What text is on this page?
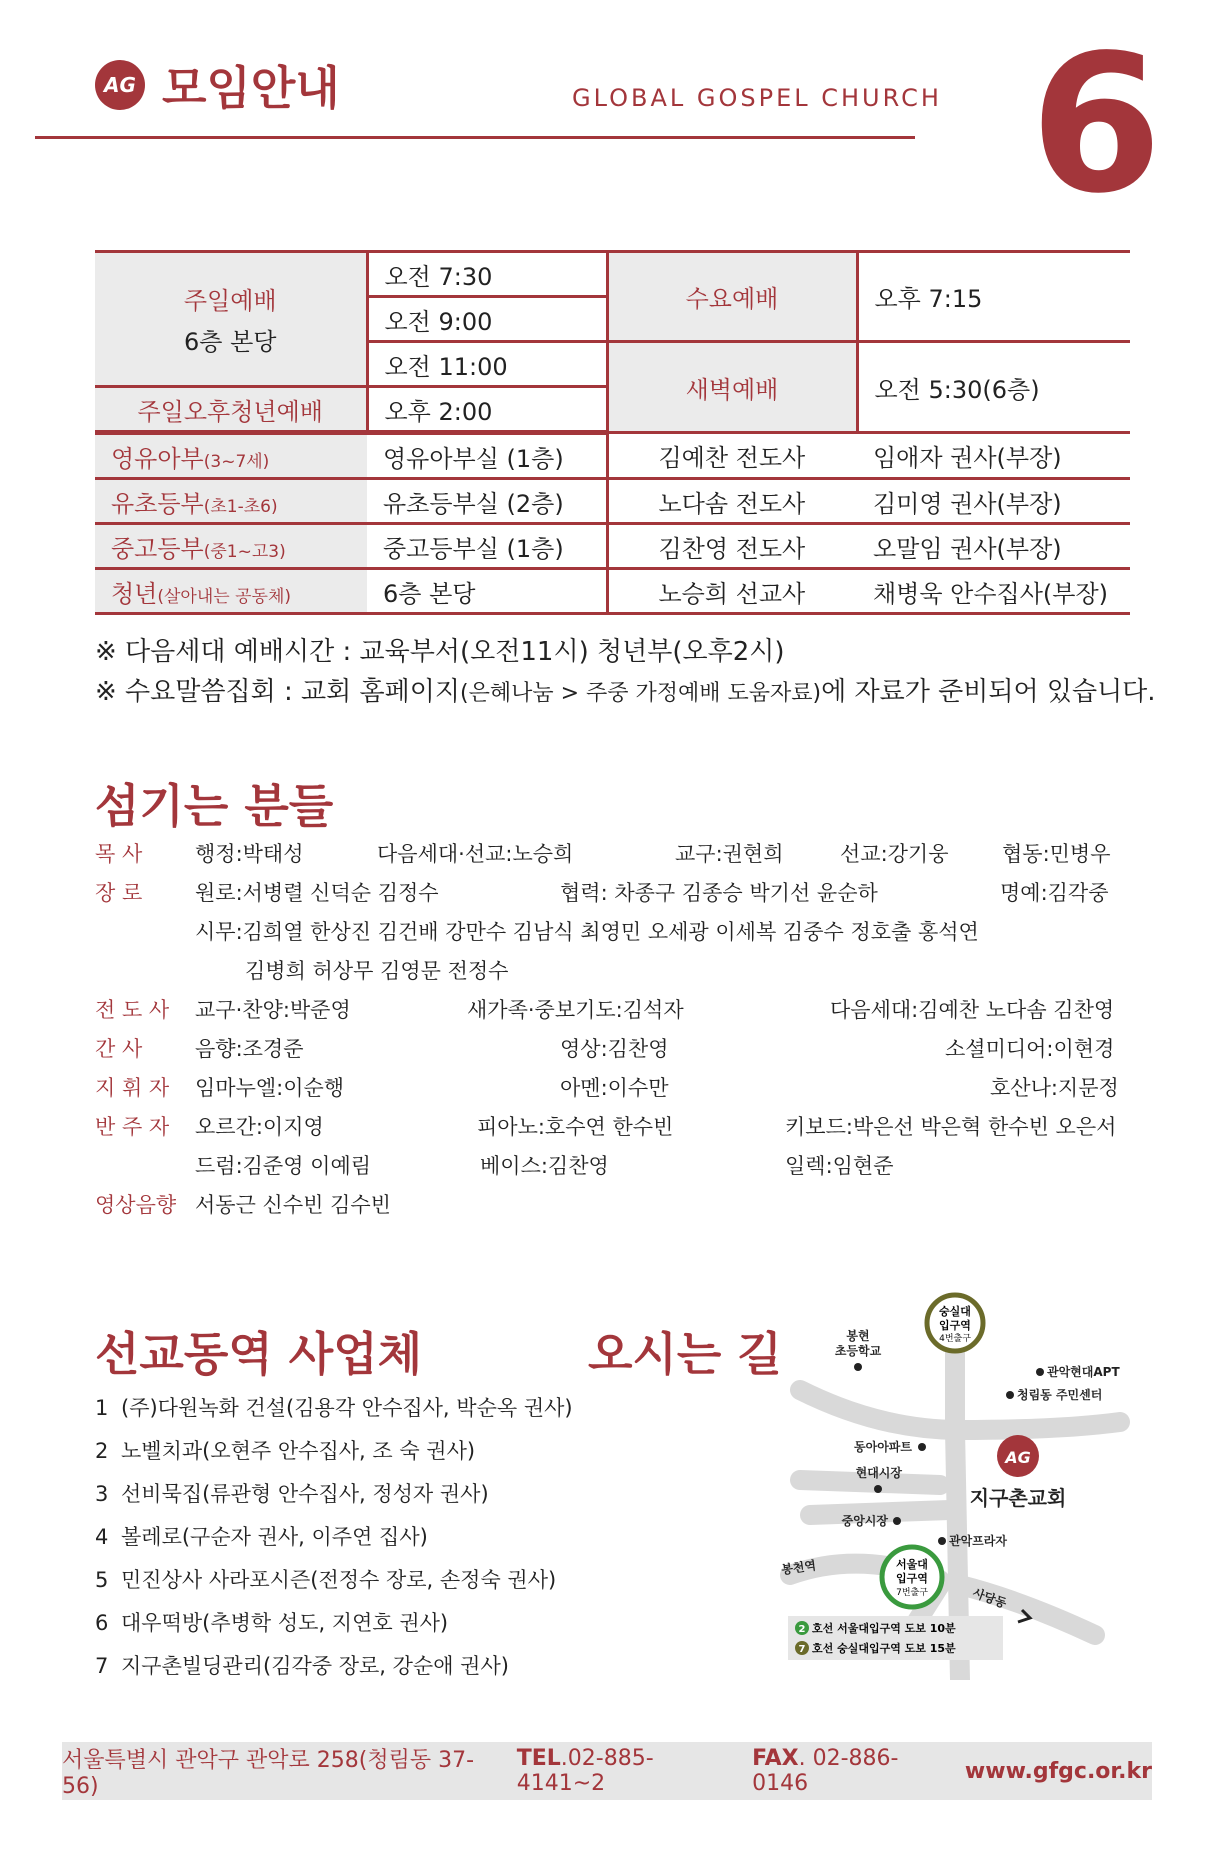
AG 모임안내	GLOBAL GOSPEL CHURCH 6
주일예배
6층 본당	오전 7:30	수요예배	오후 7:15
	오전 9:00		
	오전 11:00	새벽예배	오전 5:30(6층)
주일오후청년예배	오후 2:00		
영유아부(3~7세)	영유아부실 (1층)	김예찬 전도사	임애자 권사(부장)
유초등부(초1-초6)	유초등부실 (2층)	노다솜 전도사	김미영 권사(부장)
중고등부(중1~고3)	중고등부실 (1층)	김찬영 전도사	오말임 권사(부장)
청년(살아내는 공동체)	6층 본당	노승희 선교사	채병욱 안수집사(부장)
※ 다음세대 예배시간 : 교육부서(오전11시) 청년부(오후2시)
※ 수요말씀집회 : 교회 홈페이지(은혜나눔 > 주중 가정예배 도움자료)에 자료가 준비되어 있습니다.
섬기는 분들
목 사	행정:박태성	다음세대·선교:노승희	교구:권현희	선교:강기웅	협동:민병우
장 로	원로:서병렬 신덕순 김정수	협력: 차종구 김종승 박기선 윤순하	명예:김각중
시무:김희열 한상진 김건배 강만수 김남식 최영민 오세광 이세복 김중수 정호출 홍석연
김병희 허상무 김영문 전정수
전 도 사	교구·찬양:박준영	새가족·중보기도:김석자	다음세대:김예찬 노다솜 김찬영
간 사	음향:조경준	영상:김찬영	소셜미디어:이현경
지 휘 자	임마누엘:이순행	아멘:이수만	호산나:지문정
반 주 자	오르간:이지영	피아노:호수연 한수빈	키보드:박은선 박은혁 한수빈 오은서
드럼:김준영 이예림	베이스:김찬영	일렉:임현준
영상음향 서동근 신수빈 김수빈
선교동역 사업체
1 (주)다원녹화 건설(김용각 안수집사, 박순옥 권사)
2 노벨치과(오현주 안수집사, 조 숙 권사)
3 선비묵집(류관형 안수집사, 정성자 권사)
4 볼레로(구순자 권사, 이주연 집사)
5 민진상사 사라포시즌(전정수 장로, 손정숙 권사)
6 대우떡방(추병학 성도, 지연호 권사)
7 지구촌빌딩관리(김각중 장로, 강순애 권사)
오시는 길
숭실대
입구역
4번출구
서울대
입구역
7번출구
봉현
초등학교
관악현대APT
청림동 주민센터
동아아파트
현대시장
중앙시장
관악프라자
봉천역
사당동
AG
지구촌교회
2 호선 서울대입구역 도보 10분
7 호선 숭실대입구역 도보 15분
서울특별시 관악구 관악로 258(청림동 37-56)
TEL.02-885-4141~2
FAX. 02-886-0146	www.gfgc.or.kr
